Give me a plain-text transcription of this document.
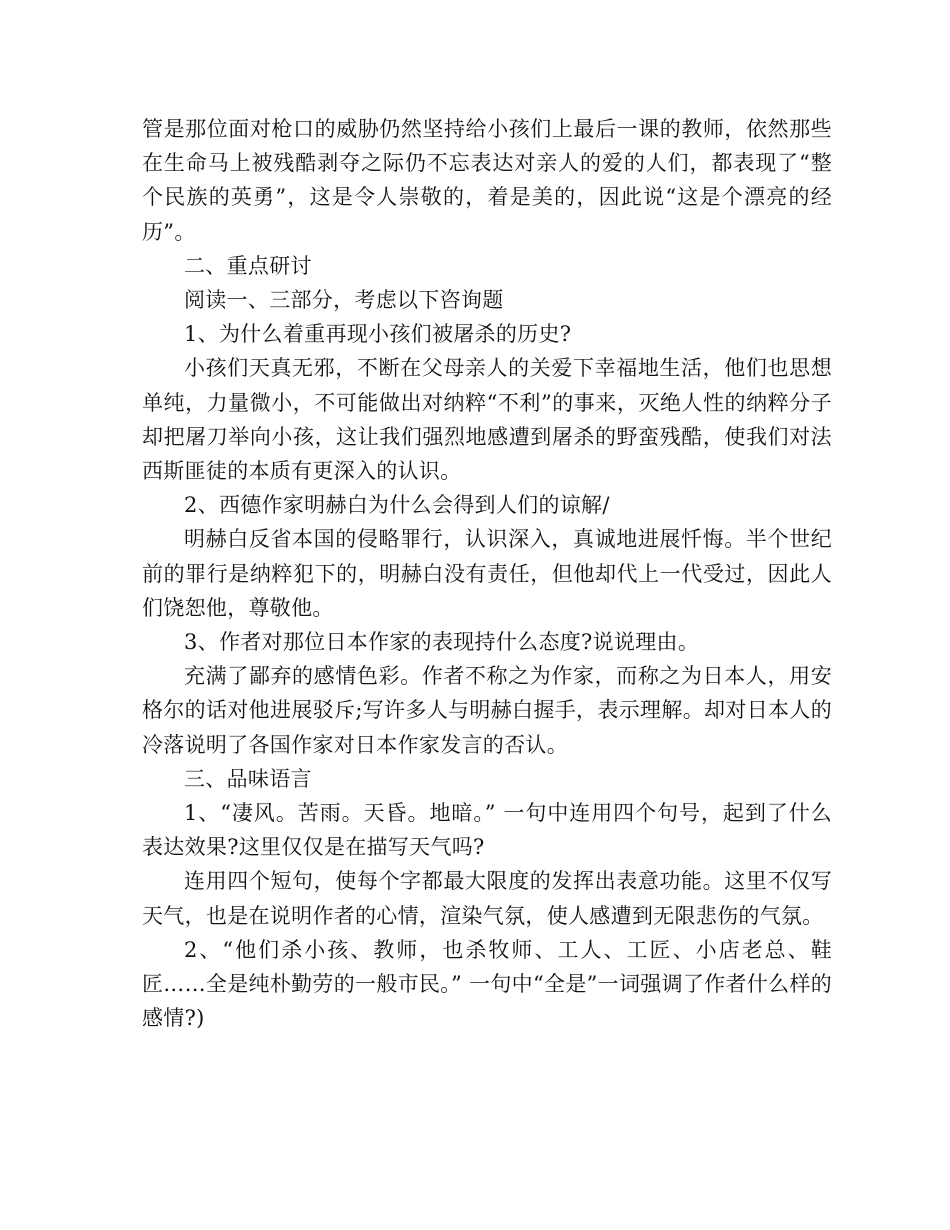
管是那位面对枪口的威胁仍然坚持给小孩们上最后一课的教师，依然那些在生命马上被残酷剥夺之际仍不忘表达对亲人的爱的人们，都表现了“整个民族的英勇”，这是令人崇敬的，着是美的，因此说“这是个漂亮的经历”。

二、重点研讨

阅读一、三部分，考虑以下咨询题

1、为什么着重再现小孩们被屠杀的历史?

小孩们天真无邪，不断在父母亲人的关爱下幸福地生活，他们也思想单纯，力量微小，不可能做出对纳粹“不利”的事来，灭绝人性的纳粹分子却把屠刀举向小孩，这让我们强烈地感遭到屠杀的野蛮残酷，使我们对法西斯匪徒的本质有更深入的认识。

2、西德作家明赫白为什么会得到人们的谅解/

明赫白反省本国的侵略罪行，认识深入，真诚地进展忏悔。半个世纪前的罪行是纳粹犯下的，明赫白没有责任，但他却代上一代受过，因此人们饶恕他，尊敬他。

3、作者对那位日本作家的表现持什么态度?说说理由。

充满了鄙弃的感情色彩。作者不称之为作家，而称之为日本人，用安格尔的话对他进展驳斥;写许多人与明赫白握手，表示理解。却对日本人的冷落说明了各国作家对日本作家发言的否认。

三、品味语言

1、“凄风。苦雨。天昏。地暗。” 一句中连用四个句号，起到了什么表达效果?这里仅仅是在描写天气吗?

连用四个短句，使每个字都最大限度的发挥出表意功能。这里不仅写天气，也是在说明作者的心情，渲染气氛，使人感遭到无限悲伤的气氛。

2、“他们杀小孩、教师，也杀牧师、工人、工匠、小店老总、鞋匠……全是纯朴勤劳的一般市民。” 一句中“全是”一词强调了作者什么样的感情?)
